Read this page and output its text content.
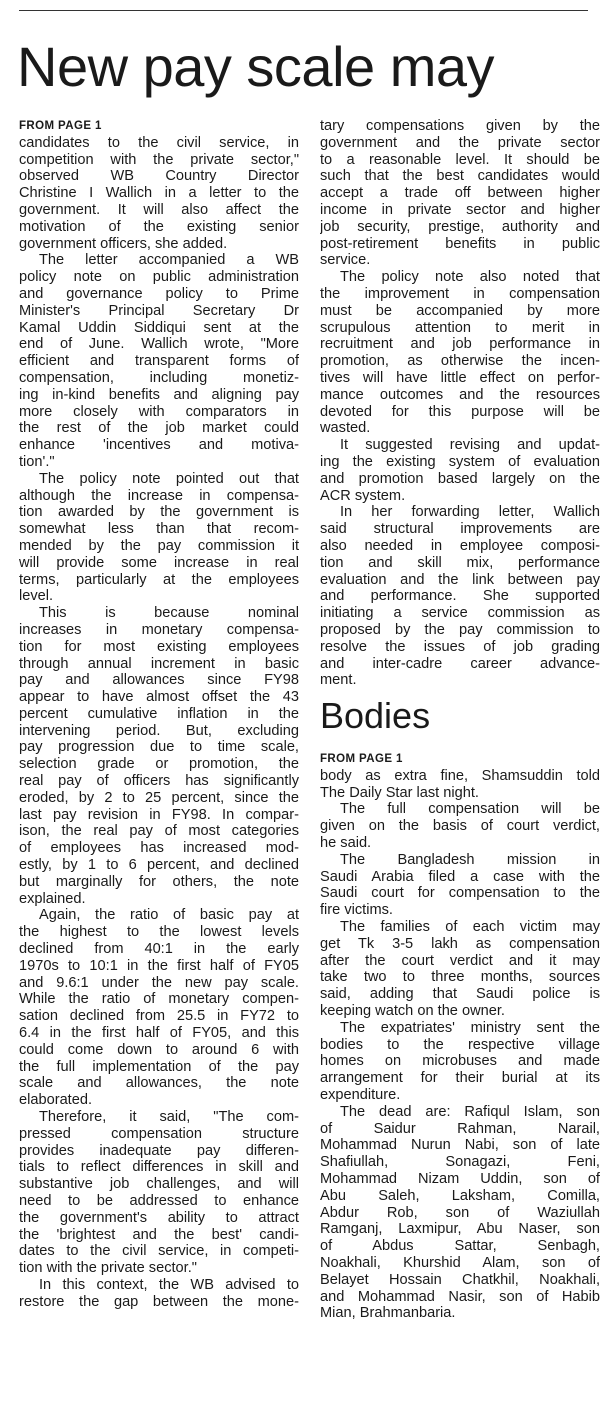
New pay scale may
FROM PAGE 1
candidates to the civil service, in
competition with the private sector,"
observed WB Country Director
Christine I Wallich in a letter to the
government. It will also affect the
motivation of the existing senior
government officers, she added.
The letter accompanied a WB
policy note on public administration
and governance policy to Prime
Minister's Principal Secretary Dr
Kamal Uddin Siddiqui sent at the
end of June. Wallich wrote, "More
efficient and transparent forms of
compensation, including monetiz-
ing in-kind benefits and aligning pay
more closely with comparators in
the rest of the job market could
enhance 'incentives and motiva-
tion'."
The policy note pointed out that
although the increase in compensa-
tion awarded by the government is
somewhat less than that recom-
mended by the pay commission it
will provide some increase in real
terms, particularly at the employees
level.
This is because nominal
increases in monetary compensa-
tion for most existing employees
through annual increment in basic
pay and allowances since FY98
appear to have almost offset the 43
percent cumulative inflation in the
intervening period. But, excluding
pay progression due to time scale,
selection grade or promotion, the
real pay of officers has significantly
eroded, by 2 to 25 percent, since the
last pay revision in FY98. In compar-
ison, the real pay of most categories
of employees has increased mod-
estly, by 1 to 6 percent, and declined
but marginally for others, the note
explained.
Again, the ratio of basic pay at
the highest to the lowest levels
declined from 40:1 in the early
1970s to 10:1 in the first half of FY05
and 9.6:1 under the new pay scale.
While the ratio of monetary compen-
sation declined from 25.5 in FY72 to
6.4 in the first half of FY05, and this
could come down to around 6 with
the full implementation of the pay
scale and allowances, the note
elaborated.
Therefore, it said, "The com-
pressed compensation structure
provides inadequate pay differen-
tials to reflect differences in skill and
substantive job challenges, and will
need to be addressed to enhance
the government's ability to attract
the 'brightest and the best' candi-
dates to the civil service, in competi-
tion with the private sector."
In this context, the WB advised to
restore the gap between the mone-
tary compensations given by the
government and the private sector
to a reasonable level. It should be
such that the best candidates would
accept a trade off between higher
income in private sector and higher
job security, prestige, authority and
post-retirement benefits in public
service.
The policy note also noted that
the improvement in compensation
must be accompanied by more
scrupulous attention to merit in
recruitment and job performance in
promotion, as otherwise the incen-
tives will have little effect on perfor-
mance outcomes and the resources
devoted for this purpose will be
wasted.
It suggested revising and updat-
ing the existing system of evaluation
and promotion based largely on the
ACR system.
In her forwarding letter, Wallich
said structural improvements are
also needed in employee composi-
tion and skill mix, performance
evaluation and the link between pay
and performance. She supported
initiating a service commission as
proposed by the pay commission to
resolve the issues of job grading
and inter-cadre career advance-
ment.
Bodies
FROM PAGE 1
body as extra fine, Shamsuddin told
The Daily Star last night.
The full compensation will be
given on the basis of court verdict,
he said.
The Bangladesh mission in
Saudi Arabia filed a case with the
Saudi court for compensation to the
fire victims.
The families of each victim may
get Tk 3-5 lakh as compensation
after the court verdict and it may
take two to three months, sources
said, adding that Saudi police is
keeping watch on the owner.
The expatriates' ministry sent the
bodies to the respective village
homes on microbuses and made
arrangement for their burial at its
expenditure.
The dead are: Rafiqul Islam, son
of Saidur Rahman, Narail,
Mohammad Nurun Nabi, son of late
Shafiullah, Sonagazi, Feni,
Mohammad Nizam Uddin, son of
Abu Saleh, Laksham, Comilla,
Abdur Rob, son of Waziullah
Ramganj, Laxmipur, Abu Naser, son
of Abdus Sattar, Senbagh,
Noakhali, Khurshid Alam, son of
Belayet Hossain Chatkhil, Noakhali,
and Mohammad Nasir, son of Habib
Mian, Brahmanbaria.
